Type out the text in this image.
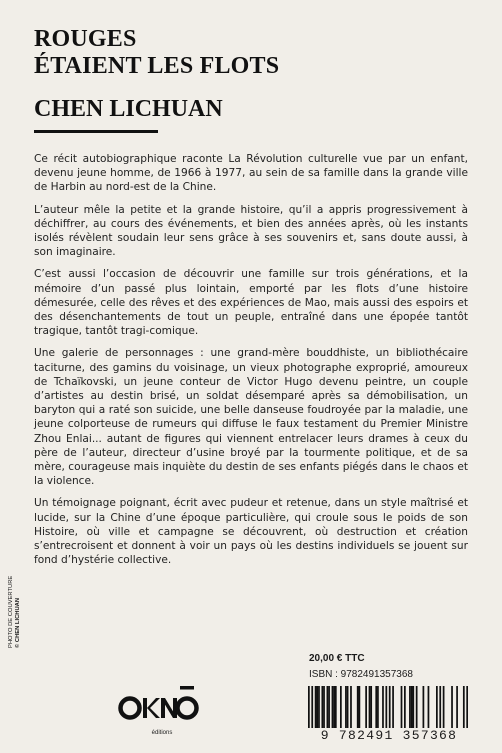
ROUGES
ÉTAIENT LES FLOTS
CHEN LICHUAN

Ce récit autobiographique raconte La Révolution culturelle vue par un enfant, devenu jeune homme, de 1966 à 1977, au sein de sa famille dans la grande ville de Harbin au nord-est de la Chine.

L’auteur mêle la petite et la grande histoire, qu’il a appris progressivement à déchiffrer, au cours des événements, et bien des années après, où les instants isolés révèlent soudain leur sens grâce à ses souvenirs et, sans doute aussi, à son imaginaire.

C’est aussi l’occasion de découvrir une famille sur trois générations, et la mémoire d’un passé plus lointain, emporté par les flots d’une histoire démesurée, celle des rêves et des expériences de Mao, mais aussi des espoirs et des désenchantements de tout un peuple, entraîné dans une épopée tantôt tragique, tantôt tragi-comique.

Une galerie de personnages : une grand-mère bouddhiste, un bibliothécaire taciturne, des gamins du voisinage, un vieux photographe exproprié, amoureux de Tchaïkovski, un jeune conteur de Victor Hugo devenu peintre, un couple d’artistes au destin brisé, un soldat désemparé après sa démobilisation, un baryton qui a raté son suicide, une belle danseuse foudroyée par la maladie, une jeune colporteuse de rumeurs qui diffuse le faux testament du Premier Ministre Zhou Enlai... autant de figures qui viennent entrelacer leurs drames à ceux du père de l’auteur, directeur d’usine broyé par la tourmente politique, et de sa mère, courageuse mais inquiète du destin de ses enfants piégés dans le chaos et la violence.

Un témoignage poignant, écrit avec pudeur et retenue, dans un style maîtrisé et lucide, sur la Chine d’une époque particulière, qui croule sous le poids de son Histoire, où ville et campagne se découvrent, où destruction et création s’entrecroisent et donnent à voir un pays où les destins individuels se jouent sur fond d’hystérie collective.

PHOTO DE COUVERTURE © CHEN LICHUAN
éditions
20,00 € TTC
ISBN : 9782491357368
9 782491 357368
